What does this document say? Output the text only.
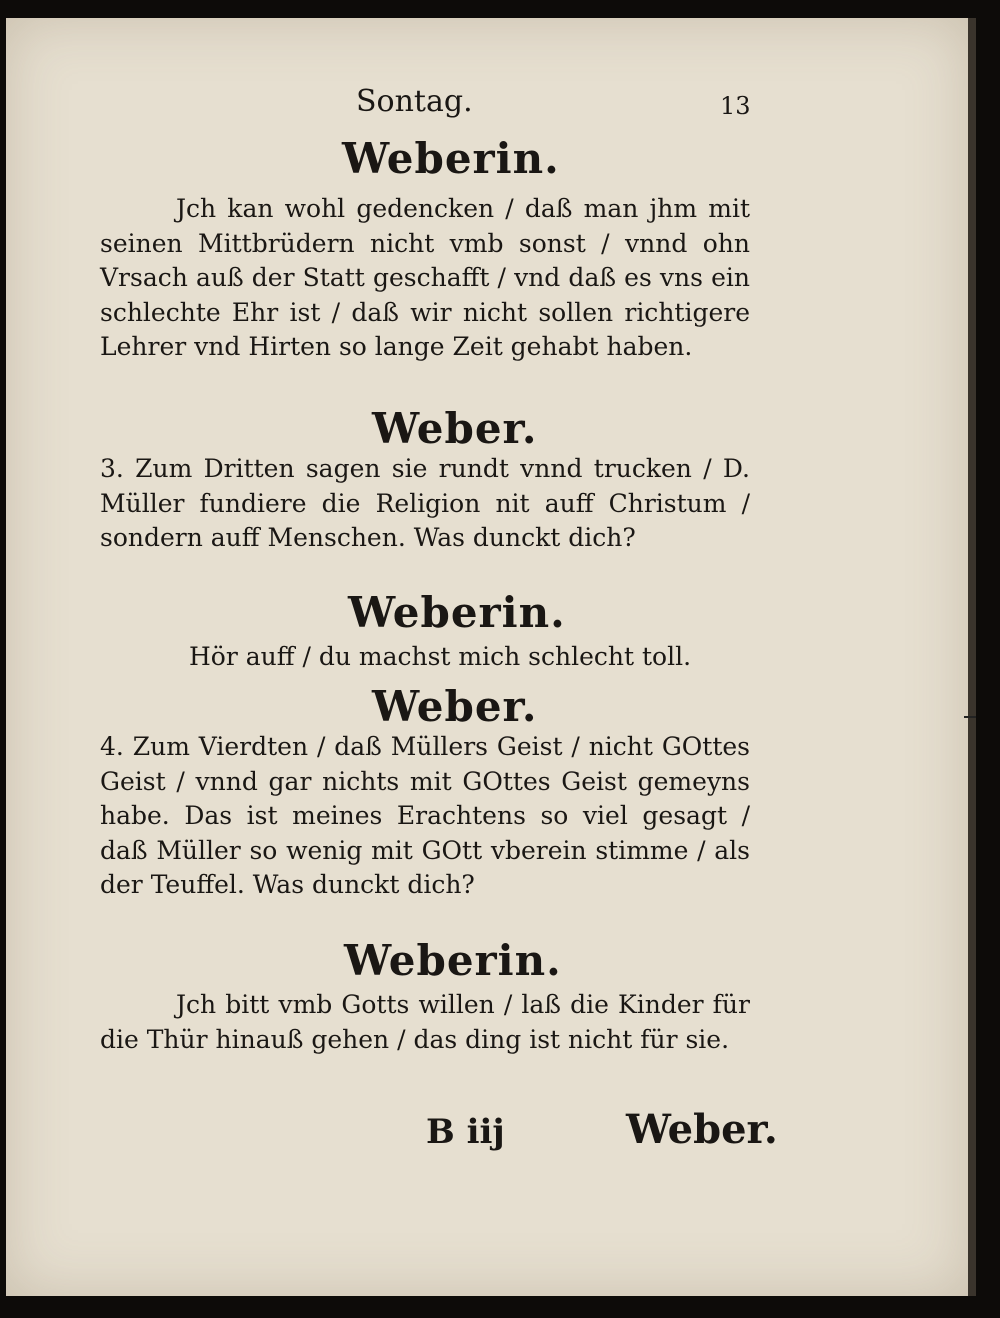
Sontag.	13
Weberin.
Jch kan wohl gedencken / daß man jhm mit seinen Mittbrüdern nicht vmb sonst / vnnd ohn Vrsach auß der Statt geschafft / vnd daß es vns ein schlechte Ehr ist / daß wir nicht sollen richtigere Lehrer vnd Hirten so lange Zeit gehabt haben.
Weber.
3. Zum Dritten sagen sie rundt vnnd trucken / D. Müller fundiere die Religion nit auff Christum / sondern auff Menschen. Was dunckt dich?
Weberin.
Hör auff / du machst mich schlecht toll.
Weber.
4. Zum Vierdten / daß Müllers Geist / nicht GOttes Geist / vnnd gar nichts mit GOttes Geist gemeyns habe. Das ist meines Erachtens so viel gesagt / daß Müller so wenig mit GOtt vberein stimme / als der Teuffel. Was dunckt dich?
Weberin.
Jch bitt vmb Gotts willen / laß die Kinder für die Thür hinauß gehen / das ding ist nicht für sie.
B iij	Weber.
